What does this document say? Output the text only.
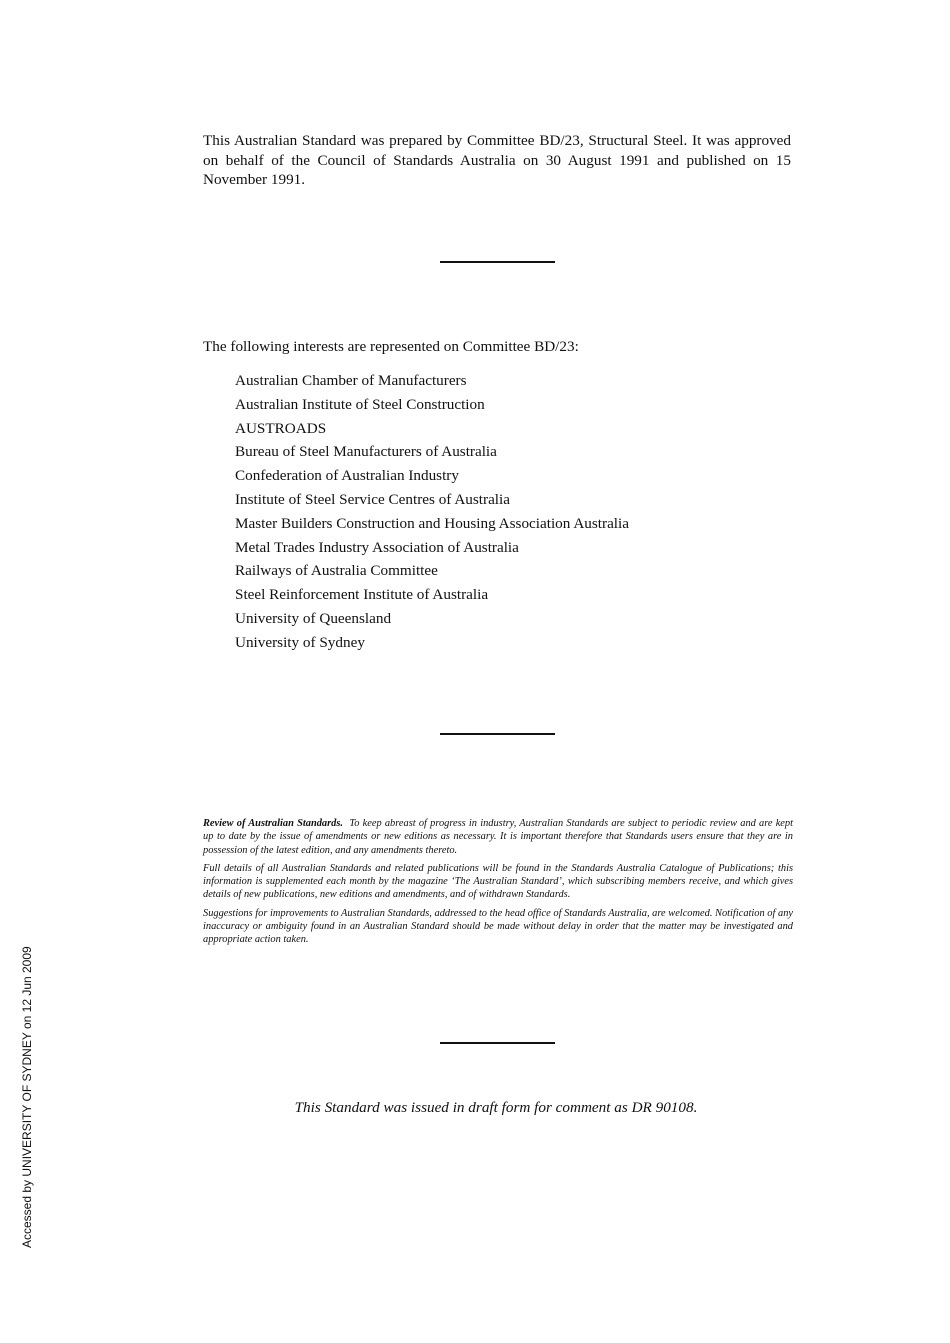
This Australian Standard was prepared by Committee BD/23, Structural Steel. It was approved on behalf of the Council of Standards Australia on 30 August 1991 and published on 15 November 1991.

The following interests are represented on Committee BD/23:

Australian Chamber of Manufacturers
Australian Institute of Steel Construction
AUSTROADS
Bureau of Steel Manufacturers of Australia
Confederation of Australian Industry
Institute of Steel Service Centres of Australia
Master Builders Construction and Housing Association Australia
Metal Trades Industry Association of Australia
Railways of Australia Committee
Steel Reinforcement Institute of Australia
University of Queensland
University of Sydney

Review of Australian Standards. To keep abreast of progress in industry, Australian Standards are subject to periodic review and are kept up to date by the issue of amendments or new editions as necessary. It is important therefore that Standards users ensure that they are in possession of the latest edition, and any amendments thereto.

Full details of all Australian Standards and related publications will be found in the Standards Australia Catalogue of Publications; this information is supplemented each month by the magazine ‘The Australian Standard’, which subscribing members receive, and which gives details of new publications, new editions and amendments, and of withdrawn Standards.

Suggestions for improvements to Australian Standards, addressed to the head office of Standards Australia, are welcomed. Notification of any inaccuracy or ambiguity found in an Australian Standard should be made without delay in order that the matter may be investigated and appropriate action taken.

This Standard was issued in draft form for comment as DR 90108.

Accessed by UNIVERSITY OF SYDNEY on 12 Jun 2009
